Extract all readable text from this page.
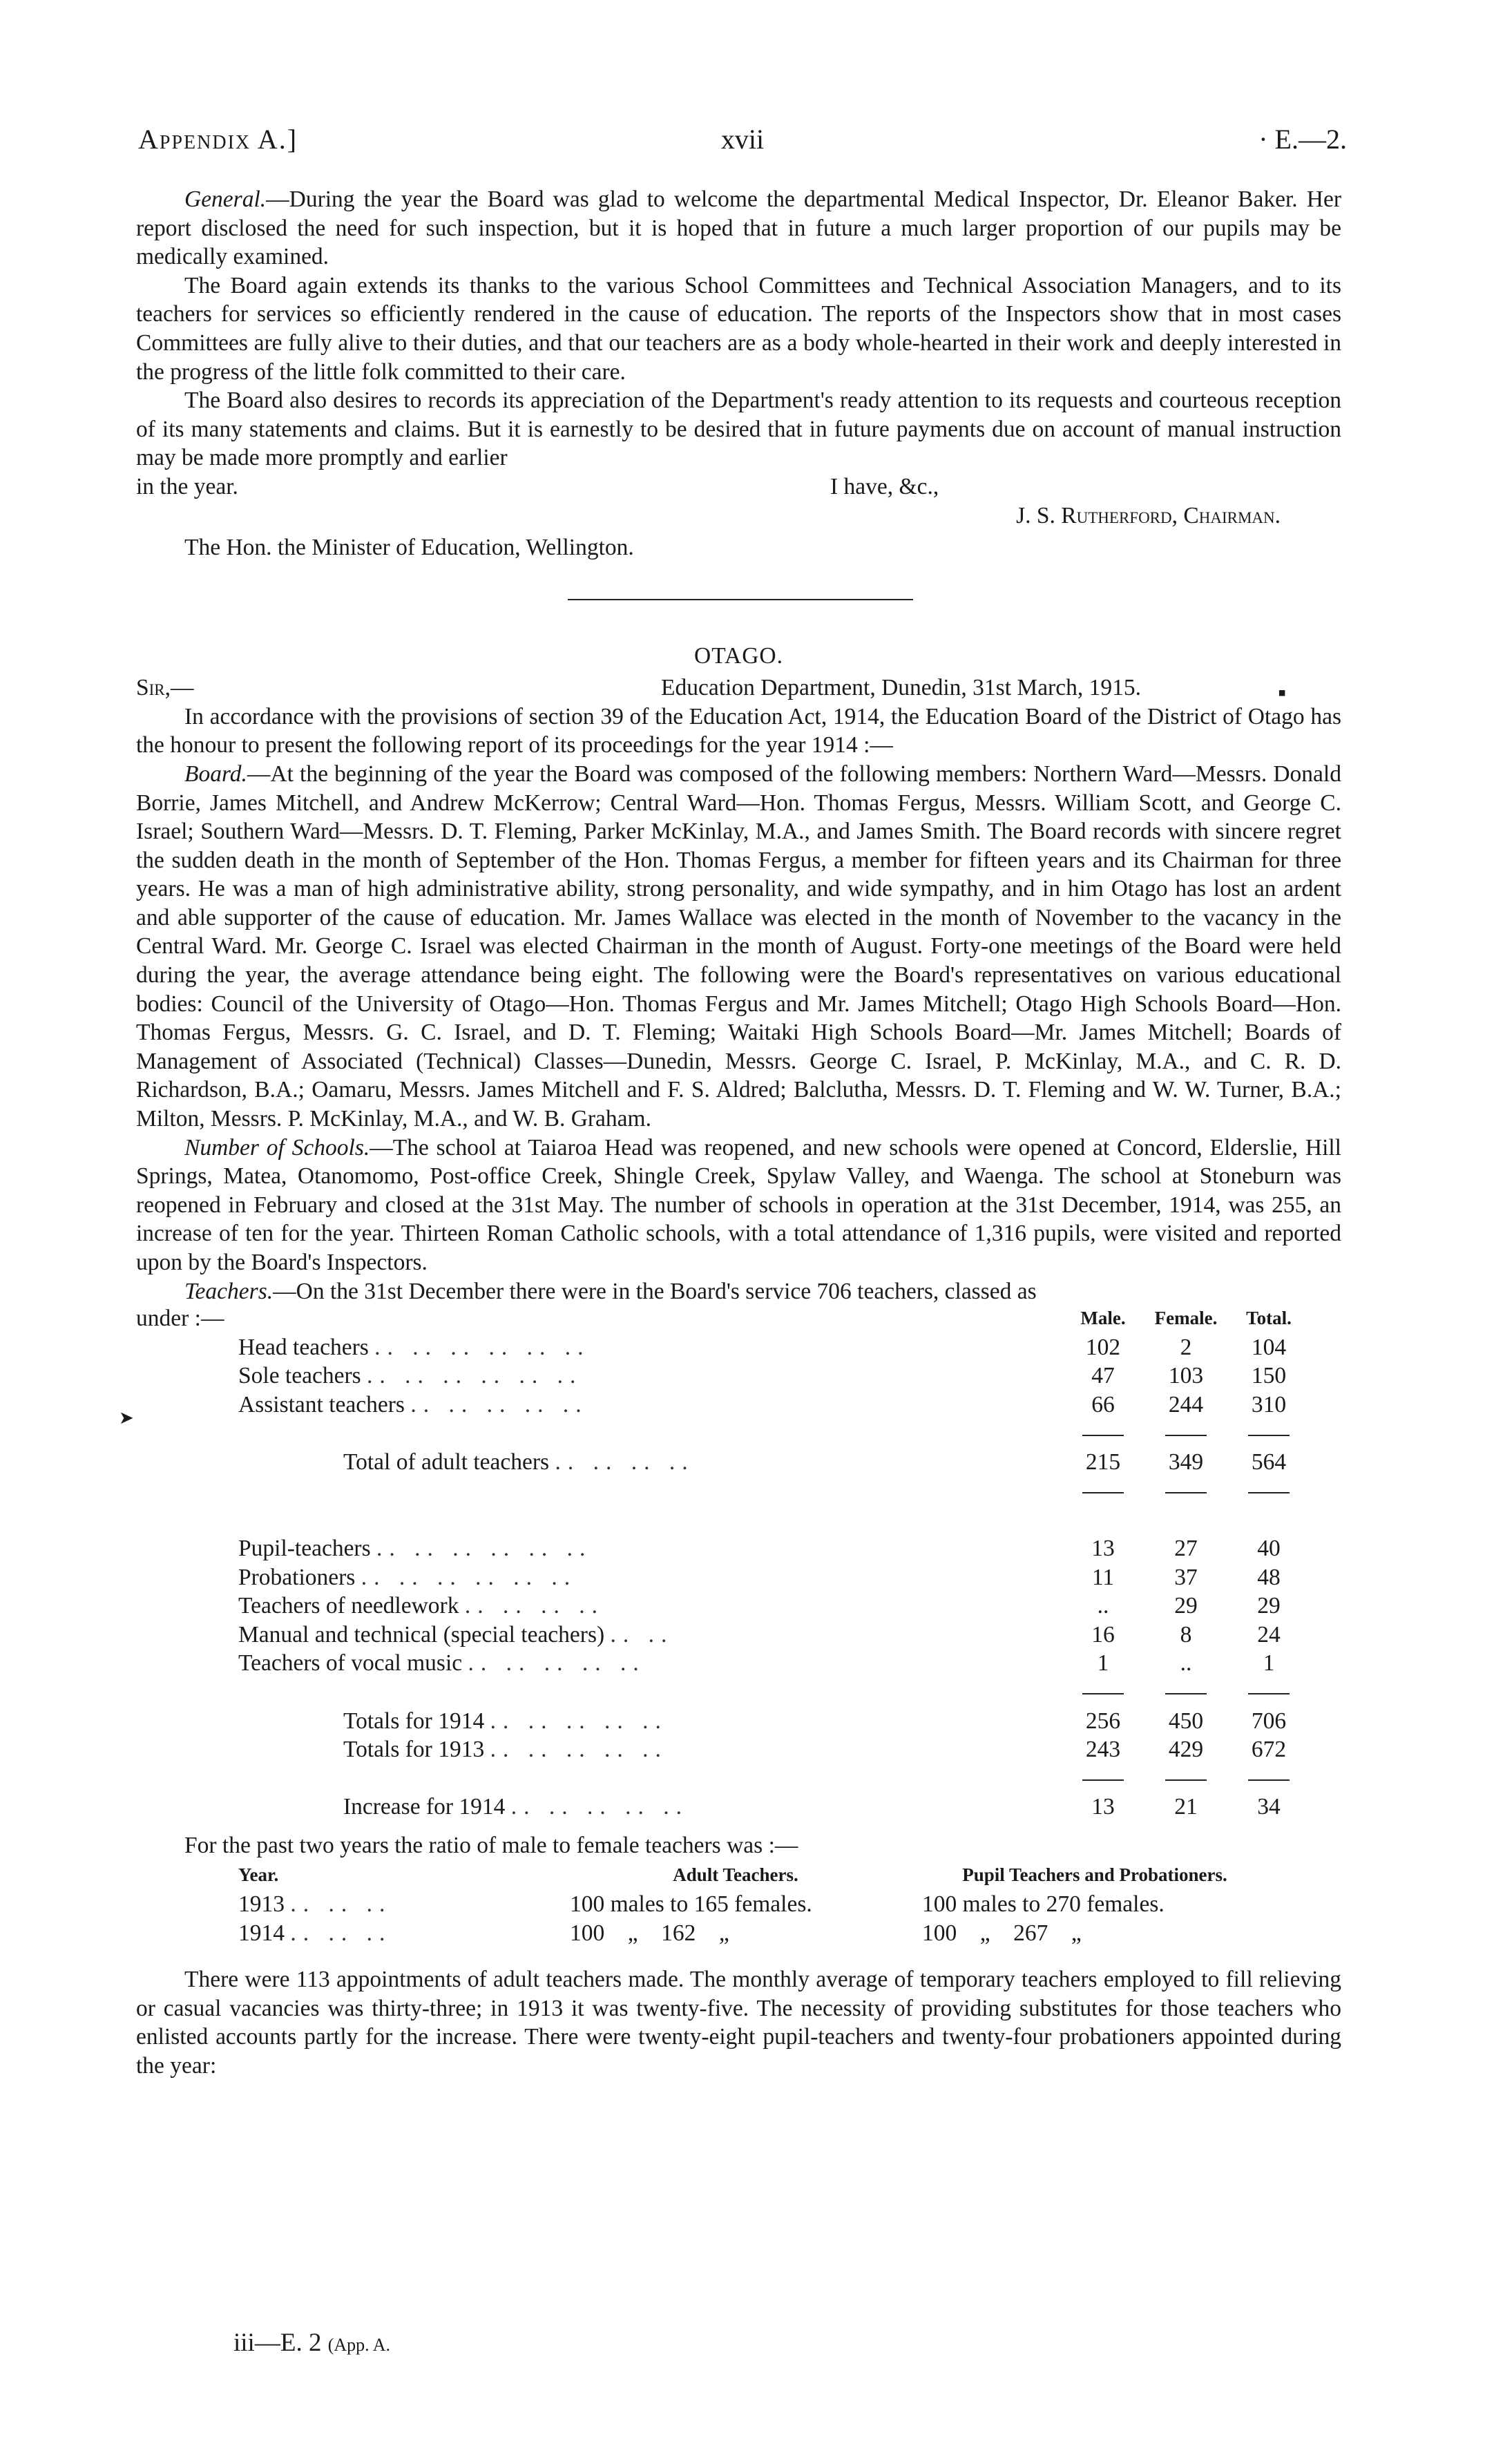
Appendix A.]	xvii	· E.—2.

General.—During the year the Board was glad to welcome the departmental Medical Inspector, Dr. Eleanor Baker. Her report disclosed the need for such inspection, but it is hoped that in future a much larger proportion of our pupils may be medically examined.

The Board again extends its thanks to the various School Committees and Technical Association Managers, and to its teachers for services so efficiently rendered in the cause of education. The reports of the Inspectors show that in most cases Committees are fully alive to their duties, and that our teachers are as a body whole-hearted in their work and deeply interested in the progress of the little folk committed to their care.

The Board also desires to records its appreciation of the Department's ready attention to its requests and courteous reception of its many statements and claims. But it is earnestly to be desired that in future payments due on account of manual instruction may be made more promptly and earlier

in the year.	I have, &c.,
J. S. Rutherford, Chairman.
The Hon. the Minister of Education, Wellington.
OTAGO.
Sir,—	Education Department, Dunedin, 31st March, 1915.

In accordance with the provisions of section 39 of the Education Act, 1914, the Education Board of the District of Otago has the honour to present the following report of its proceedings for the year 1914 :—

Board.—At the beginning of the year the Board was composed of the following members: Northern Ward—Messrs. Donald Borrie, James Mitchell, and Andrew McKerrow; Central Ward—Hon. Thomas Fergus, Messrs. William Scott, and George C. Israel; Southern Ward—Messrs. D. T. Fleming, Parker McKinlay, M.A., and James Smith. The Board records with sincere regret the sudden death in the month of September of the Hon. Thomas Fergus, a member for fifteen years and its Chairman for three years. He was a man of high administrative ability, strong personality, and wide sympathy, and in him Otago has lost an ardent and able supporter of the cause of education. Mr. James Wallace was elected in the month of November to the vacancy in the Central Ward. Mr. George C. Israel was elected Chairman in the month of August. Forty-one meetings of the Board were held during the year, the average attendance being eight. The following were the Board's representatives on various educational bodies: Council of the University of Otago—Hon. Thomas Fergus and Mr. James Mitchell; Otago High Schools Board—Hon. Thomas Fergus, Messrs. G. C. Israel, and D. T. Fleming; Waitaki High Schools Board—Mr. James Mitchell; Boards of Management of Associated (Technical) Classes—Dunedin, Messrs. George C. Israel, P. McKinlay, M.A., and C. R. D. Richardson, B.A.; Oamaru, Messrs. James Mitchell and F. S. Aldred; Balclutha, Messrs. D. T. Fleming and W. W. Turner, B.A.; Milton, Messrs. P. McKinlay, M.A., and W. B. Graham.

Number of Schools.—The school at Taiaroa Head was reopened, and new schools were opened at Concord, Elderslie, Hill Springs, Matea, Otanomomo, Post-office Creek, Shingle Creek, Spylaw Valley, and Waenga. The school at Stoneburn was reopened in February and closed at the 31st May. The number of schools in operation at the 31st December, 1914, was 255, an increase of ten for the year. Thirteen Roman Catholic schools, with a total attendance of 1,316 pupils, were visited and reported upon by the Board's Inspectors.

Teachers.—On the 31st December there were in the Board's service 706 teachers, classed as

under :—	Male.	Female.	Total.
Head teachers .. .. .. .. .. ..	102	2	104
Sole teachers .. .. .. .. .. ..	47	103	150
Assistant teachers .. .. .. .. ..	66	244	310

Total of adult teachers .. .. .. ..	215	349	564

Pupil-teachers .. .. .. .. .. ..	13	27	40
Probationers .. .. .. .. .. ..	11	37	48
Teachers of needlework .. .. .. ..	..	29	29
Manual and technical (special teachers) .. ..	16	8	24
Teachers of vocal music .. .. .. .. ..	1	..	1

Totals for 1914 .. .. .. .. ..	256	450	706
Totals for 1913 .. .. .. .. ..	243	429	672

Increase for 1914 .. .. .. .. ..	13	21	34

For the past two years the ratio of male to female teachers was :—

Year.	Adult Teachers.	Pupil Teachers and Probationers.
1913 .. .. ..	100 males to 165 females.	100 males to 270 females.
1914 .. .. ..	100    „    162    „	100    „    267    „

There were 113 appointments of adult teachers made. The monthly average of temporary teachers employed to fill relieving or casual vacancies was thirty-three; in 1913 it was twenty-five. The necessity of providing substitutes for those teachers who enlisted accounts partly for the increase. There were twenty-eight pupil-teachers and twenty-four probationers appointed during the year:

iii—E. 2 (App. A.
▪
➤
